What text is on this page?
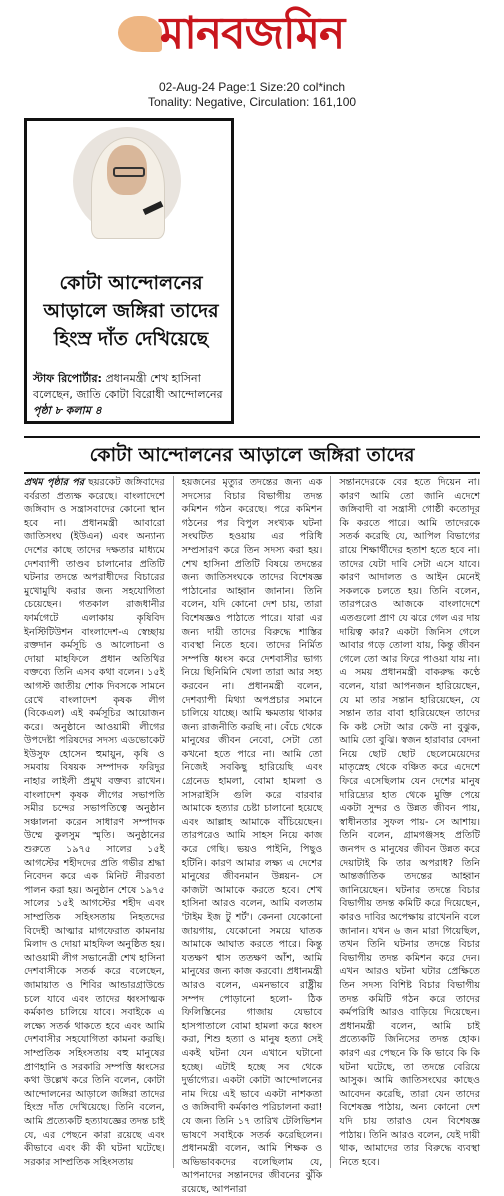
মানবজমিন
02-Aug-24 Page:1 Size:20 col*inch
Tonality: Negative, Circulation: 161,100
কোটা আন্দোলনের আড়ালে জঙ্গিরা তাদের হিংস্র দাঁত দেখিয়েছে
স্টাফ রিপোর্টার: প্রধানমন্ত্রী শেখ হাসিনা বলেছেন, জাতি কোটা বিরোধী আন্দোলনের পৃষ্ঠা ৮ কলাম ৪
কোটা আন্দোলনের আড়ালে জঙ্গিরা তাদের
প্রথম পৃষ্ঠার পর ছয়রকেট জঙ্গিবাদের বর্বরতা প্রত্যক্ষ করেছে। বাংলাদেশে জঙ্গিবাদ ও সন্ত্রাসবাদের কোনো স্থান হবে না। প্রধানমন্ত্রী আবারো জাতিসংঘ (ইউএন) এবং অন্যান্য দেশের কাছে তাদের দক্ষতার মাধ্যমে দেশব্যাপী তাণ্ডব চালানোর প্রতিটি ঘটনার তদন্তে অপরাধীদের বিচারের মুখোমুখি করার জন্য সহযোগিতা চেয়েছেন। গতকাল রাজধানীর ফার্মগেটে এলাকায় কৃষিবিদ ইনস্টিটিউশন বাংলাদেশ-এ স্বেচ্ছায় রক্তদান কর্মসূচি ও আলোচনা ও দোয়া মাহফিলে প্রধান অতিথির বক্তব্যে তিনি এসব কথা বলেন। ১৫ই আগস্ট জাতীয় শোক দিবসকে সামনে রেখে বাংলাদেশ কৃষক লীগ (বিকেএল) এই কর্মসূচির আয়োজন করে। অনুষ্ঠানে আওয়ামী লীগের উপদেষ্টা পরিষদের সদস্য এডভোকেট ইউসুফ হোসেন হুমায়ুন, কৃষি ও সমবায় বিষয়ক সম্পাদক ফরিদুর নাহার লাইলী প্রমুখ বক্তব্য রাখেন। বাংলাদেশ কৃষক লীগের সভাপতি সমীর চন্দের সভাপতিত্বে অনুষ্ঠান সঞ্চালনা করেন সাধারণ সম্পাদক উম্মে কুলসুম স্মৃতি। অনুষ্ঠানের শুরুতে ১৯৭৫ সালের ১৫ই আগস্টের শহীদদের প্রতি গভীর শ্রদ্ধা নিবেদন করে এক মিনিট নীরবতা পালন করা হয়। অনুষ্ঠান শেষে ১৯৭৫ সালের ১৫ই আগস্টের শহীদ এবং সাম্প্রতিক সহিংসতায় নিহতদের বিদেহী আত্মার মাগফেরাত কামনায় মিলাদ ও দোয়া মাহফিল অনুষ্ঠিত হয়। আওয়ামী লীগ সভানেত্রী শেখ হাসিনা দেশবাসীকে সতর্ক করে বলেছেন, জামায়াত ও শিবির আন্ডারগ্রাউন্ডে চলে যাবে এবং তাদের ধ্বংসাত্মক কর্মকাণ্ড চালিয়ে যাবে। সবাইকে এ লক্ষ্যে সতর্ক থাকতে হবে এবং আমি দেশবাসীর সহযোগিতা কামনা করছি। সাম্প্রতিক সহিংসতায় বহু মানুষের প্রাণহানি ও সরকারি সম্পত্তি ধ্বংসের কথা উল্লেখ করে তিনি বলেন, কোটা আন্দোলনের আড়ালে জঙ্গিরা তাদের হিংস্র দাঁত দেখিয়েছে। তিনি বলেন, আমি প্রত্যেকটি হত্যাযজ্ঞের তদন্ত চাই যে, এর পেছনে কারা রয়েছে এবং কীভাবে এবং কী কী ঘটনা ঘটেছে। সরকার সাম্প্রতিক সহিংসতায়
হয়জনের মৃত্যুর তদন্তের জন্য এক সদস্যের বিচার বিভাগীয় তদন্ত কমিশন গঠন করেছে। পরে কমিশন গঠনের পর বিপুল সংখ্যক ঘটনা সংঘটিত হওয়ায় এর পরিধি সম্প্রসারণ করে তিন সদস্য করা হয়। শেখ হাসিনা প্রতিটি বিষয়ে তদন্তের জন্য জাতিসংঘকে তাদের বিশেষজ্ঞ পাঠানোর আহ্বান জানান। তিনি বলেন, যদি কোনো দেশ চায়, তারা বিশেষজ্ঞও পাঠাতে পারে। যারা এর জন্য দায়ী তাদের বিরুদ্ধে শাস্তির ব্যবস্থা নিতে হবে। তাদের নির্মিত সম্পত্তি ধ্বংস করে দেশবাসীর ভাগ্য নিয়ে ছিনিমিনি খেলা তারা আর সহ্য করবেন না। প্রধানমন্ত্রী বলেন, দেশব্যাপী মিথ্যা অপপ্রচার সমানে চালিয়ে যাচ্ছে। আমি ক্ষমতায় থাকার জন্য রাজনীতি করছি না। বেঁচে থেকে মানুষের জীবন নেবো, সেটা তো কখনো হতে পারে না। আমি তো নিজেই সবকিছু হারিয়েছি এবং গ্রেনেড হামলা, বোমা হামলা ও সাসরাইসি গুলি করে বারবার আমাকে হত্যার চেষ্টা চালানো হয়েছে এবং আল্লাহ আমাকে বাঁচিয়েছেন। তারপরেও আমি সাহস নিয়ে কাজ করে গেছি। ভয়ও পাইনি, পিছুও হটিনি। কারণ আমার লক্ষ্য এ দেশের মানুষের জীবনমান উন্নয়ন- সে কাজটা আমাকে করতে হবে। শেখ হাসিনা আরও বলেন, আমি বলতাম 'টাইম ইজ টু শর্ট'। কেননা যেকোনো জায়গায়, যেকোনো সময়ে ঘাতক আমাকে আঘাত করতে পারে। কিন্তু যতক্ষণ শ্বাস ততক্ষণ আঁশ, আমি মানুষের জন্য কাজ করবো। প্রধানমন্ত্রী আরও বলেন, এমনভাবে রাষ্ট্রীয় সম্পদ পোড়ানো হলো- ঠিক ফিলিস্তিনের গাজায় যেভাবে হাসপাতালে বোমা হামলা করে ধ্বংস করা, শিশু হত্যা ও মানুষ হত্যা সেই একই ঘটনা যেন এখানে ঘটানো হচ্ছে। এটাই হচ্ছে সব থেকে দুর্ভাগ্যের। একটা কোটা আন্দোলনের নাম দিয়ে এই ভাবে একটা নাশকতা ও জঙ্গিবাদী কর্মকাণ্ড পরিচালনা করা! যে জন্য তিনি ১৭ তারিখ টেলিভিশন ভাষণে সবাইকে সতর্ক করেছিলেন। প্রধানমন্ত্রী বলেন, আমি শিক্ষক ও অভিভাবকদের বলেছিলাম যে, আপনাদের সন্তানদের জীবনের ঝুঁকি রয়েছে, আপনারা
সন্তানদেরকে বের হতে দিয়েন না। কারণ আমি তো জানি এদেশে জঙ্গিবাদী বা সন্ত্রাসী গোষ্ঠী কতোদূর কি করতে পারে। আমি তাদেরকে সতর্ক করেছি যে, আপিল বিভাগের রায়ে শিক্ষার্থীদের হতাশ হতে হবে না। তাদের যেটা দাবি সেটা এসে যাবে। কারণ আদালত ও আইন মেনেই সকলকে চলতে হয়। তিনি বলেন, তারপরেও আজকে বাংলাদেশে এতগুলো প্রাণ যে ঝরে গেল এর দায় দায়িত্ব কার? একটা জিনিস গেলে আবার গড়ে তোলা যায়, কিন্তু জীবন গেলে তো আর ফিরে পাওয়া যায় না। এ সময় প্রধানমন্ত্রী বাকরুদ্ধ কণ্ঠে বলেন, যারা আপনজন হারিয়েছেন, যে মা তার সন্তান হারিয়েছেন, যে সন্তান তার বাবা হারিয়েছেন তাদের কি কষ্ট সেটা আর কেউ না বুঝুক, আমি তো বুঝি। স্বজন হারাবার বেদনা নিয়ে ছোট ছোট ছেলেমেয়েদের মাতৃস্নেহ থেকে বঞ্চিত করে এদেশে ফিরে এসেছিলাম যেন দেশের মানুষ দারিদ্র্যের হাত থেকে মুক্তি পেয়ে একটা সুন্দর ও উন্নত জীবন পায়, স্বাধীনতার সুফল পায়- সে আশায়। তিনি বলেন, গ্রামগঞ্জসহ প্রতিটি জনপদ ও মানুষের জীবন উন্নত করে দেয়াটাই কি তার অপরাধ? তিনি আন্তর্জাতিক তদন্তের আহ্বান জানিয়েছেন। ঘটনার তদন্তে বিচার বিভাগীয় তদন্ত কমিটি করে দিয়েছেন, কারও দাবির অপেক্ষায় রাখেননি বলে জানান। যখন ৬ জন মারা গিয়েছিল, তখন তিনি ঘটনার তদন্তে বিচার বিভাগীয় তদন্ত কমিশন করে দেন। এখন আরও ঘটনা ঘটার প্রেক্ষিতে তিন সদস্য বিশিষ্ট বিচার বিভাগীয় তদন্ত কমিটি গঠন করে তাদের কর্মপরিধি আরও বাড়িয়ে দিয়েছেন। প্রধানমন্ত্রী বলেন, আমি চাই প্রত্যেকটি জিনিসের তদন্ত হোক। কারণ এর পেছনে কি কি ভাবে কি কি ঘটনা ঘটেছে, তা তদন্তে বেরিয়ে আসুক। আমি জাতিসংঘের কাছেও আবেদন করেছি, তারা যেন তাদের বিশেষজ্ঞ পাঠায়, অন্য কোনো দেশ যদি চায় তারাও যেন বিশেষজ্ঞ পাঠায়। তিনি আরও বলেন, যেই দায়ী থাক, আমাদের তার বিরুদ্ধে ব্যবস্থা নিতে হবে।
